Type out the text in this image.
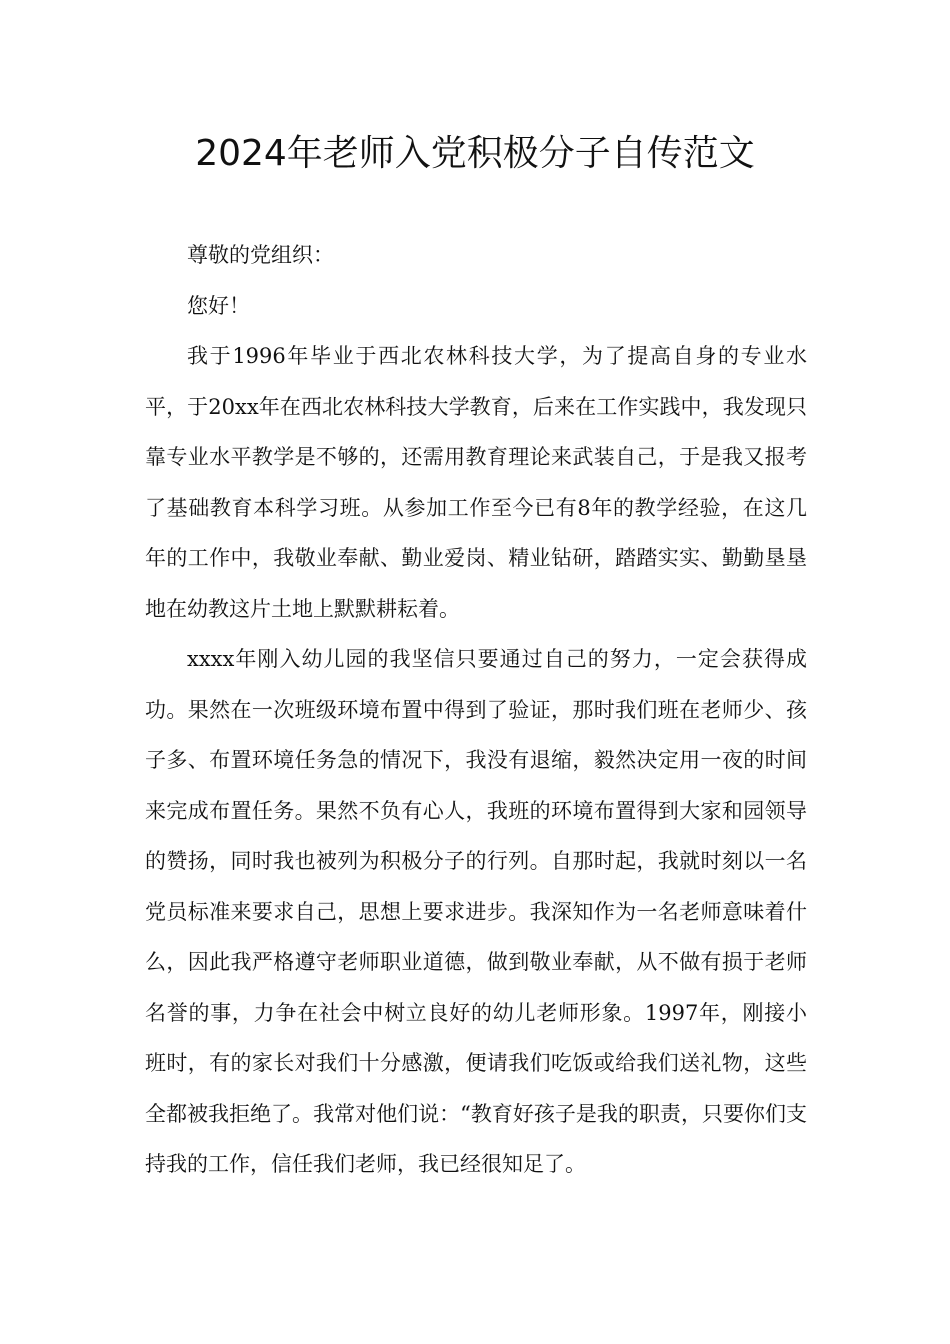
2024年老师入党积极分子自传范文

尊敬的党组织：

您好！

我于1996年毕业于西北农林科技大学，为了提高自身的专业水平，于20xx年在西北农林科技大学教育，后来在工作实践中，我发现只靠专业水平教学是不够的，还需用教育理论来武装自己，于是我又报考了基础教育本科学习班。从参加工作至今已有8年的教学经验，在这几年的工作中，我敬业奉献、勤业爱岗、精业钻研，踏踏实实、勤勤垦垦地在幼教这片土地上默默耕耘着。

xxxx年刚入幼儿园的我坚信只要通过自己的努力，一定会获得成功。果然在一次班级环境布置中得到了验证，那时我们班在老师少、孩子多、布置环境任务急的情况下，我没有退缩，毅然决定用一夜的时间来完成布置任务。果然不负有心人，我班的环境布置得到大家和园领导的赞扬，同时我也被列为积极分子的行列。自那时起，我就时刻以一名党员标准来要求自己，思想上要求进步。我深知作为一名老师意味着什么，因此我严格遵守老师职业道德，做到敬业奉献，从不做有损于老师名誉的事，力争在社会中树立良好的幼儿老师形象。1997年，刚接小班时，有的家长对我们十分感激，便请我们吃饭或给我们送礼物，这些全都被我拒绝了。我常对他们说：“教育好孩子是我的职责，只要你们支持我的工作，信任我们老师，我已经很知足了。
